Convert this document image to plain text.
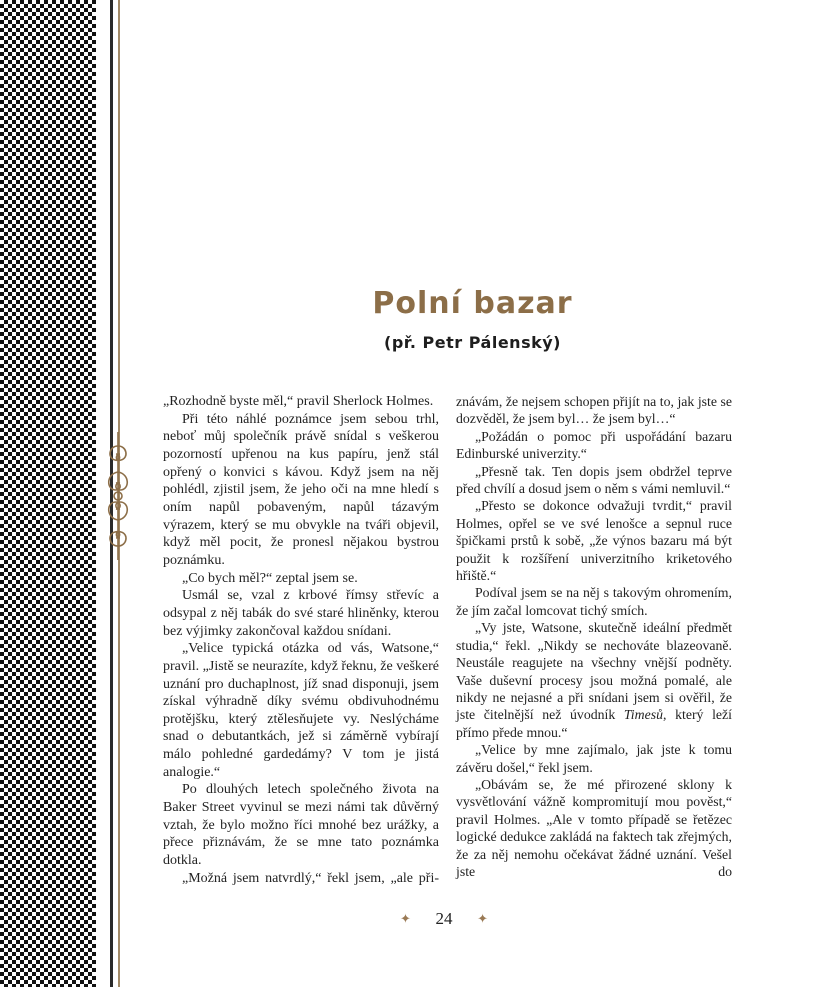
Polní bazar
(př. Petr Pálenský)

„Rozhodně byste měl,“ pravil Sherlock Holmes.

Při této náhlé poznámce jsem sebou trhl, neboť můj společník právě snídal s veškerou pozorností upřenou na kus papíru, jenž stál opřený o konvici s kávou. Když jsem na něj pohlédl, zjistil jsem, že jeho oči na mne hledí s oním napůl pobaveným, napůl tázavým výrazem, který se mu obvykle na tváři objevil, když měl pocit, že pronesl nějakou bystrou poznámku.

„Co bych měl?“ zeptal jsem se.

Usmál se, vzal z krbové římsy střevíc a odsypal z něj tabák do své staré hliněnky, kterou bez výjimky zakončoval každou snídani.

„Velice typická otázka od vás, Watsone,“ pravil. „Jistě se neurazíte, když řeknu, že veškeré uznání pro duchaplnost, jíž snad disponuji, jsem získal výhradně díky svému obdivuhodnému protějšku, který ztělesňujete vy. Neslýcháme snad o debutantkách, jež si záměrně vybírají málo pohledné gardedámy? V tom je jistá analogie.“

Po dlouhých letech společného života na Baker Street vyvinul se mezi námi tak důvěrný vztah, že bylo možno říci mnohé bez urážky, a přece přiznávám, že se mne tato poznámka dotkla.

„Možná jsem natvrdlý,“ řekl jsem, „ale při-

znávám, že nejsem schopen přijít na to, jak jste se dozvěděl, že jsem byl… že jsem byl…“

„Požádán o pomoc při uspořádání bazaru Edinburské univerzity.“

„Přesně tak. Ten dopis jsem obdržel teprve před chvílí a dosud jsem o něm s vámi nemluvil.“

„Přesto se dokonce odvažuji tvrdit,“ pravil Holmes, opřel se ve své lenošce a sepnul ruce špičkami prstů k sobě, „že výnos bazaru má být použit k rozšíření univerzitního kriketového hřiště.“

Podíval jsem se na něj s takovým ohromením, že jím začal lomcovat tichý smích.

„Vy jste, Watsone, skutečně ideální předmět studia,“ řekl. „Nikdy se nechováte blazeovaně. Neustále reagujete na všechny vnější podněty. Vaše duševní procesy jsou možná pomalé, ale nikdy ne nejasné a při snídani jsem si ověřil, že jste čitelnější než úvodník Timesů, který leží přímo přede mnou.“

„Velice by mne zajímalo, jak jste k tomu závěru došel,“ řekl jsem.

„Obávám se, že mé přirozené sklony k vysvětlování vážně kompromitují mou pověst,“ pravil Holmes. „Ale v tomto případě se řetězec logické dedukce zakládá na faktech tak zřejmých, že za něj nemohu očekávat žádné uznání. Vešel jste do

✦ 24 ✦
